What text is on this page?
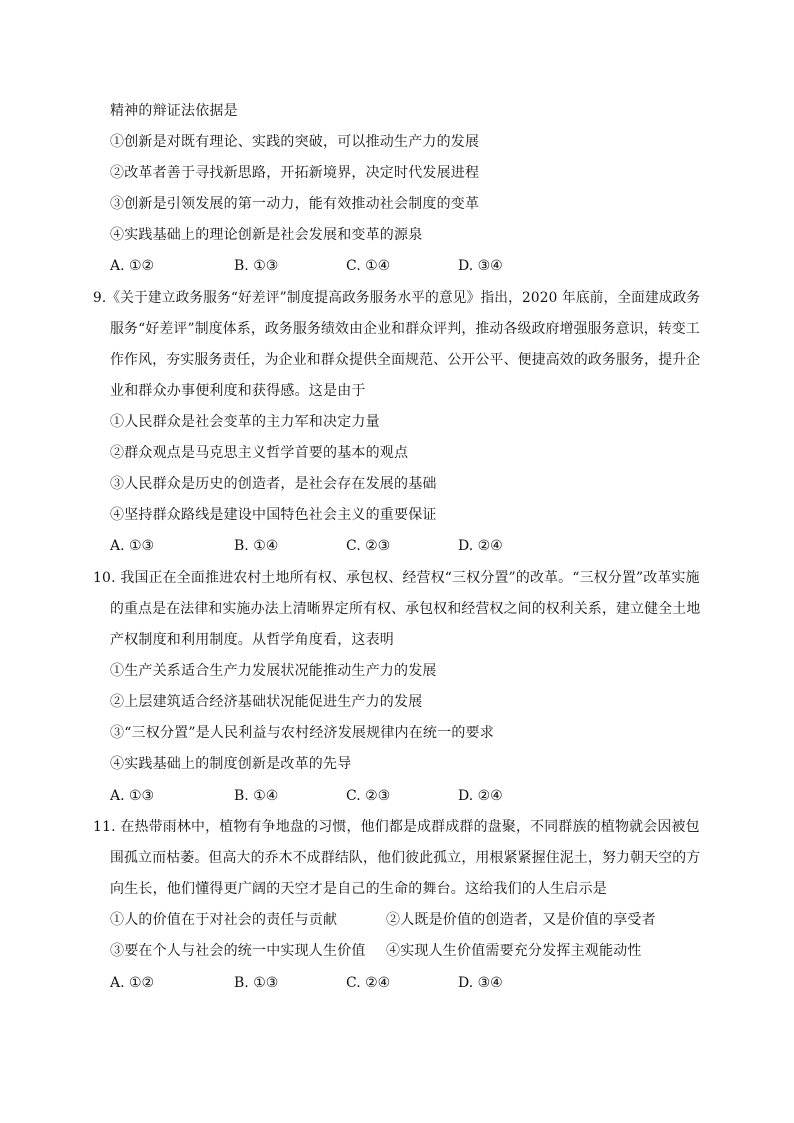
精神的辩证法依据是
①创新是对既有理论、实践的突破，可以推动生产力的发展
②改革者善于寻找新思路，开拓新境界，决定时代发展进程
③创新是引领发展的第一动力，能有效推动社会制度的变革
④实践基础上的理论创新是社会发展和变革的源泉
A. ①②	B. ①③	C. ①④	D. ③④
9.《关于建立政务服务“好差评”制度提高政务服务水平的意见》指出，2020 年底前，全面建成政务
服务“好差评”制度体系，政务服务绩效由企业和群众评判，推动各级政府增强服务意识，转变工
作作风，夯实服务责任，为企业和群众提供全面规范、公开公平、便捷高效的政务服务，提升企
业和群众办事便利度和获得感。这是由于
①人民群众是社会变革的主力军和决定力量
②群众观点是马克思主义哲学首要的基本的观点
③人民群众是历史的创造者，是社会存在发展的基础
④坚持群众路线是建设中国特色社会主义的重要保证
A. ①③	B. ①④	C. ②③	D. ②④
10. 我国正在全面推进农村土地所有权、承包权、经营权“三权分置”的改革。“三权分置”改革实施
的重点是在法律和实施办法上清晰界定所有权、承包权和经营权之间的权利关系，建立健全土地
产权制度和利用制度。从哲学角度看，这表明
①生产关系适合生产力发展状况能推动生产力的发展
②上层建筑适合经济基础状况能促进生产力的发展
③“三权分置”是人民利益与农村经济发展规律内在统一的要求
④实践基础上的制度创新是改革的先导
A. ①③	B. ①④	C. ②③	D. ②④
11. 在热带雨林中，植物有争地盘的习惯，他们都是成群成群的盘聚，不同群族的植物就会因被包
围孤立而枯萎。但高大的乔木不成群结队，他们彼此孤立，用根紧紧握住泥土，努力朝天空的方
向生长，他们懂得更广阔的天空才是自己的生命的舞台。这给我们的人生启示是
①人的价值在于对社会的责任与贡献	②人既是价值的创造者，又是价值的享受者
③要在个人与社会的统一中实现人生价值 ④实现人生价值需要充分发挥主观能动性
A. ①②	B. ①③	C. ②④	D. ③④
